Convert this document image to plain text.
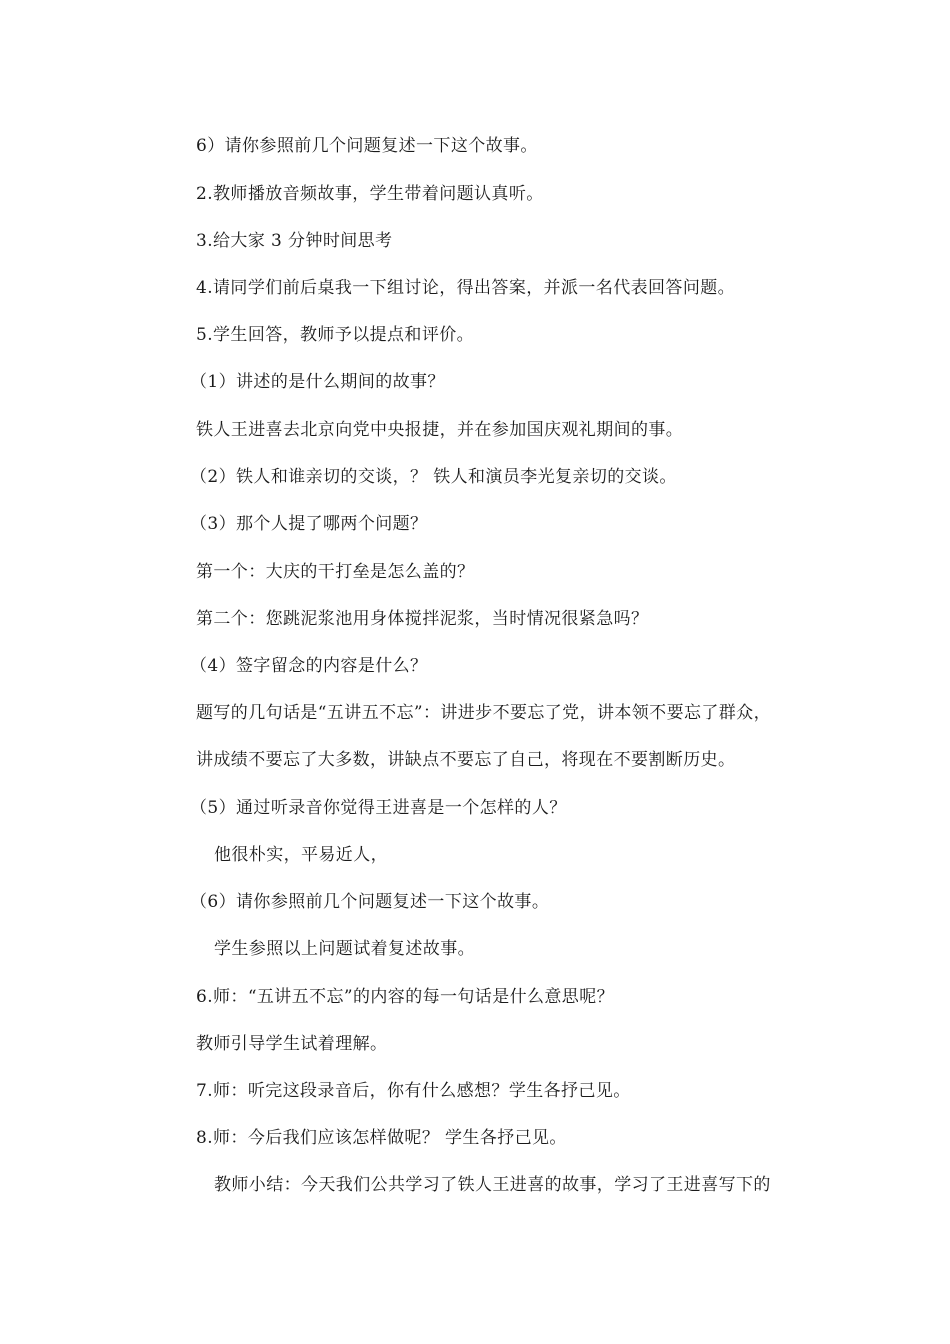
6）请你参照前几个问题复述一下这个故事。
2.教师播放音频故事，学生带着问题认真听。
3.给大家 3 分钟时间思考
4.请同学们前后桌我一下组讨论，得出答案，并派一名代表回答问题。
5.学生回答，教师予以提点和评价。
（1）讲述的是什么期间的故事？
铁人王进喜去北京向党中央报捷，并在参加国庆观礼期间的事。
（2）铁人和谁亲切的交谈，？ 铁人和演员李光复亲切的交谈。
（3）那个人提了哪两个问题？
第一个：大庆的干打垒是怎么盖的？
第二个：您跳泥浆池用身体搅拌泥浆，当时情况很紧急吗？
（4）签字留念的内容是什么？
题写的几句话是“五讲五不忘”：讲进步不要忘了党，讲本领不要忘了群众，
讲成绩不要忘了大多数，讲缺点不要忘了自己，将现在不要割断历史。
（5）通过听录音你觉得王进喜是一个怎样的人？
他很朴实，平易近人，
（6）请你参照前几个问题复述一下这个故事。
学生参照以上问题试着复述故事。
6.师：“五讲五不忘”的内容的每一句话是什么意思呢？
教师引导学生试着理解。
7.师：听完这段录音后，你有什么感想？学生各抒己见。
8.师：今后我们应该怎样做呢？ 学生各抒己见。
教师小结：今天我们公共学习了铁人王进喜的故事，学习了王进喜写下的
